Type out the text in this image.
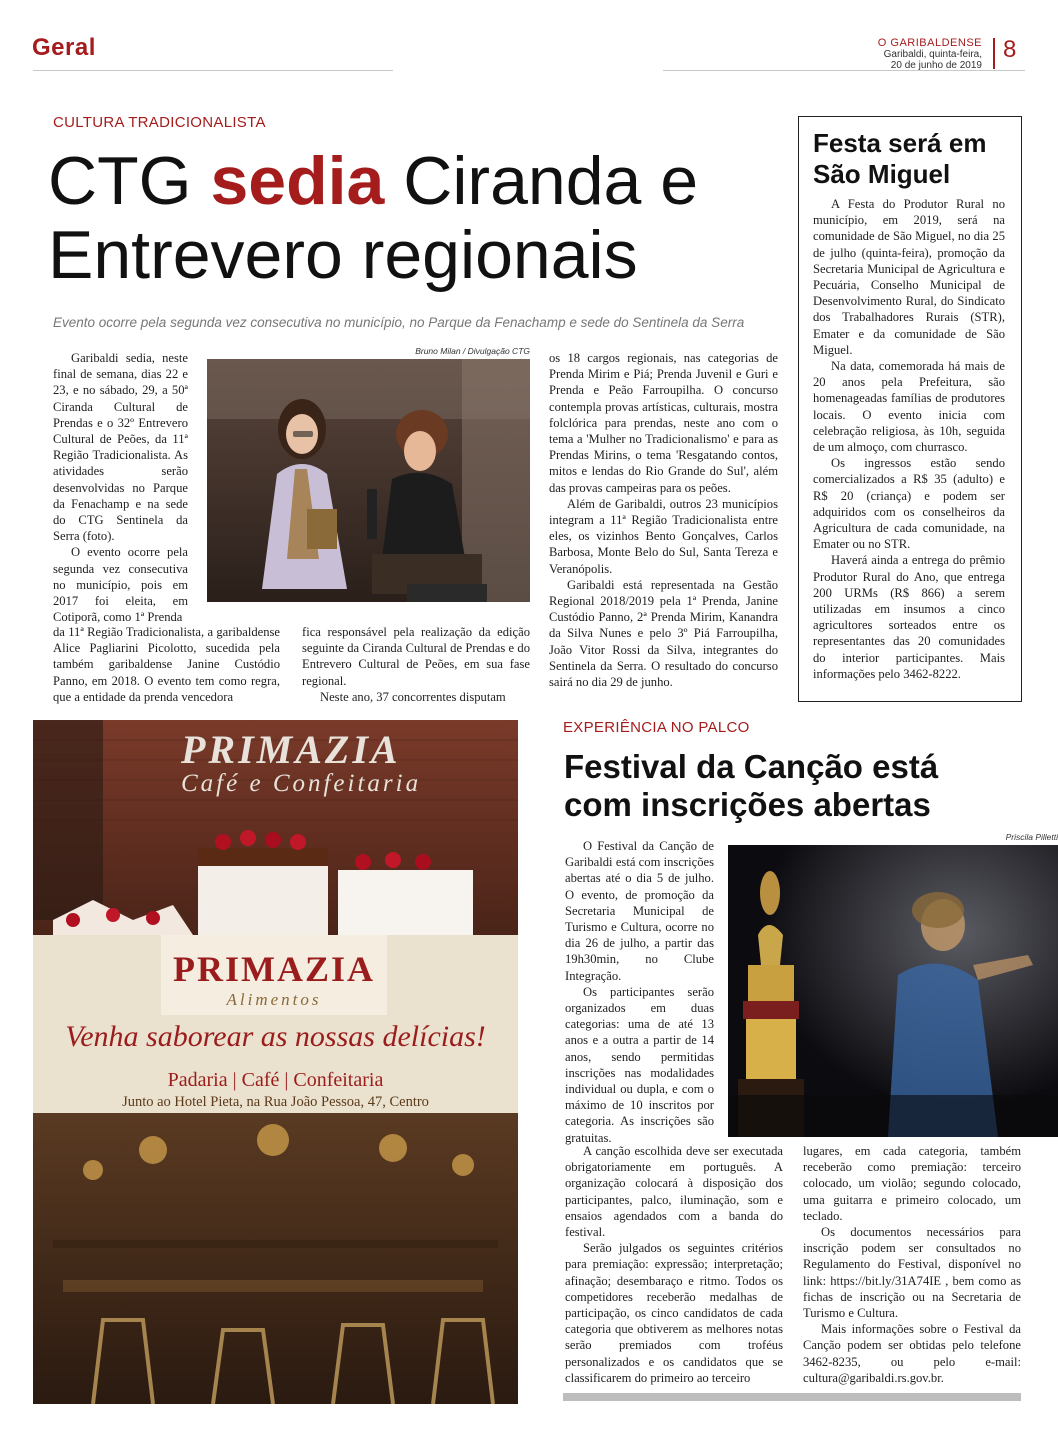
Geral	O GARIBALDENSE
Garibaldi, quinta-feira,
20 de junho de 2019
8
CULTURA TRADICIONALISTA
CTG sedia Ciranda e
Entrevero regionais
Evento ocorre pela segunda vez consecutiva no município, no Parque da Fenachamp e sede do Sentinela da Serra
Bruno Milan / Divulgação CTG

Garibaldi sedia, neste final de semana, dias 22 e 23, e no sábado, 29, a 50ª Ciranda Cultural de Prendas e o 32º Entrevero Cultural de Peões, da 11ª Região Tradicionalista. As atividades serão desenvolvidas no Parque da Fenachamp e na sede do CTG Sentinela da Serra (foto).

O evento ocorre pela segunda vez consecutiva no município, pois em 2017 foi eleita, em Cotiporã, como 1ª Prenda

da 11ª Região Tradicionalista, a garibaldense Alice Pagliarini Picolotto, sucedida pela também garibaldense Janine Custódio Panno, em 2018. O evento tem como regra, que a entidade da prenda vencedora

fica responsável pela realização da edição seguinte da Ciranda Cultural de Prendas e do Entrevero Cultural de Peões, em sua fase regional.

Neste ano, 37 concorrentes disputam

os 18 cargos regionais, nas categorias de Prenda Mirim e Piá; Prenda Juvenil e Guri e Prenda e Peão Farroupilha. O concurso contempla provas artísticas, culturais, mostra folclórica para prendas, neste ano com o tema a 'Mulher no Tradicionalismo' e para as Prendas Mirins, o tema 'Resgatando contos, mitos e lendas do Rio Grande do Sul', além das provas campeiras para os peões.

Além de Garibaldi, outros 23 municípios integram a 11ª Região Tradicionalista entre eles, os vizinhos Bento Gonçalves, Carlos Barbosa, Monte Belo do Sul, Santa Tereza e Veranópolis.

Garibaldi está representada na Gestão Regional 2018/2019 pela 1ª Prenda, Janine Custódio Panno, 2ª Prenda Mirim, Kanandra da Silva Nunes e pelo 3º Piá Farroupilha, João Vitor Rossi da Silva, integrantes do Sentinela da Serra. O resultado do concurso sairá no dia 29 de junho.

Festa será em São Miguel

A Festa do Produtor Rural no município, em 2019, será na comunidade de São Miguel, no dia 25 de julho (quinta-feira), promoção da Secretaria Municipal de Agricultura e Pecuária, Conselho Municipal de Desenvolvimento Rural, do Sindicato dos Trabalhadores Rurais (STR), Emater e da comunidade de São Miguel.

Na data, comemorada há mais de 20 anos pela Prefeitura, são homenageadas famílias de produtores locais. O evento inicia com celebração religiosa, às 10h, seguida de um almoço, com churrasco.

Os ingressos estão sendo comercializados a R$ 35 (adulto) e R$ 20 (criança) e podem ser adquiridos com os conselheiros da Agricultura de cada comunidade, na Emater ou no STR.

Haverá ainda a entrega do prêmio Produtor Rural do Ano, que entrega 200 URMs (R$ 866) a serem utilizadas em insumos a cinco agricultores sorteados entre os representantes das 20 comunidades do interior participantes. Mais informações pelo 3462-8222.

PRIMAZIA
Café e Confeitaria
PRIMAZIA
Alimentos
Venha saborear as nossas delícias!
Padaria | Café | Confeitaria
Junto ao Hotel Pieta, na Rua João Pessoa, 47, Centro
EXPERIÊNCIA NO PALCO
Festival da Canção está
com inscrições abertas
Priscila Pilletti

O Festival da Canção de Garibaldi está com inscrições abertas até o dia 5 de julho. O evento, de promoção da Secretaria Municipal de Turismo e Cultura, ocorre no dia 26 de julho, a partir das 19h30min, no Clube Integração.

Os participantes serão organizados em duas categorias: uma de até 13 anos e a outra a partir de 14 anos, sendo permitidas inscrições nas modalidades individual ou dupla, e com o máximo de 10 inscritos por categoria. As inscrições são gratuitas.

A canção escolhida deve ser executada obrigatoriamente em português. A organização colocará à disposição dos participantes, palco, iluminação, som e ensaios agendados com a banda do festival.

Serão julgados os seguintes critérios para premiação: expressão; interpretação; afinação; desembaraço e ritmo. Todos os competidores receberão medalhas de participação, os cinco candidatos de cada categoria que obtiverem as melhores notas serão premiados com troféus personalizados e os candidatos que se classificarem do primeiro ao terceiro

lugares, em cada categoria, também receberão como premiação: terceiro colocado, um violão; segundo colocado, uma guitarra e primeiro colocado, um teclado.

Os documentos necessários para inscrição podem ser consultados no Regulamento do Festival, disponível no link: https://bit.ly/31A74IE , bem como as fichas de inscrição ou na Secretaria de Turismo e Cultura.

Mais informações sobre o Festival da Canção podem ser obtidas pelo telefone 3462-8235, ou pelo e-mail: cultura@garibaldi.rs.gov.br.
